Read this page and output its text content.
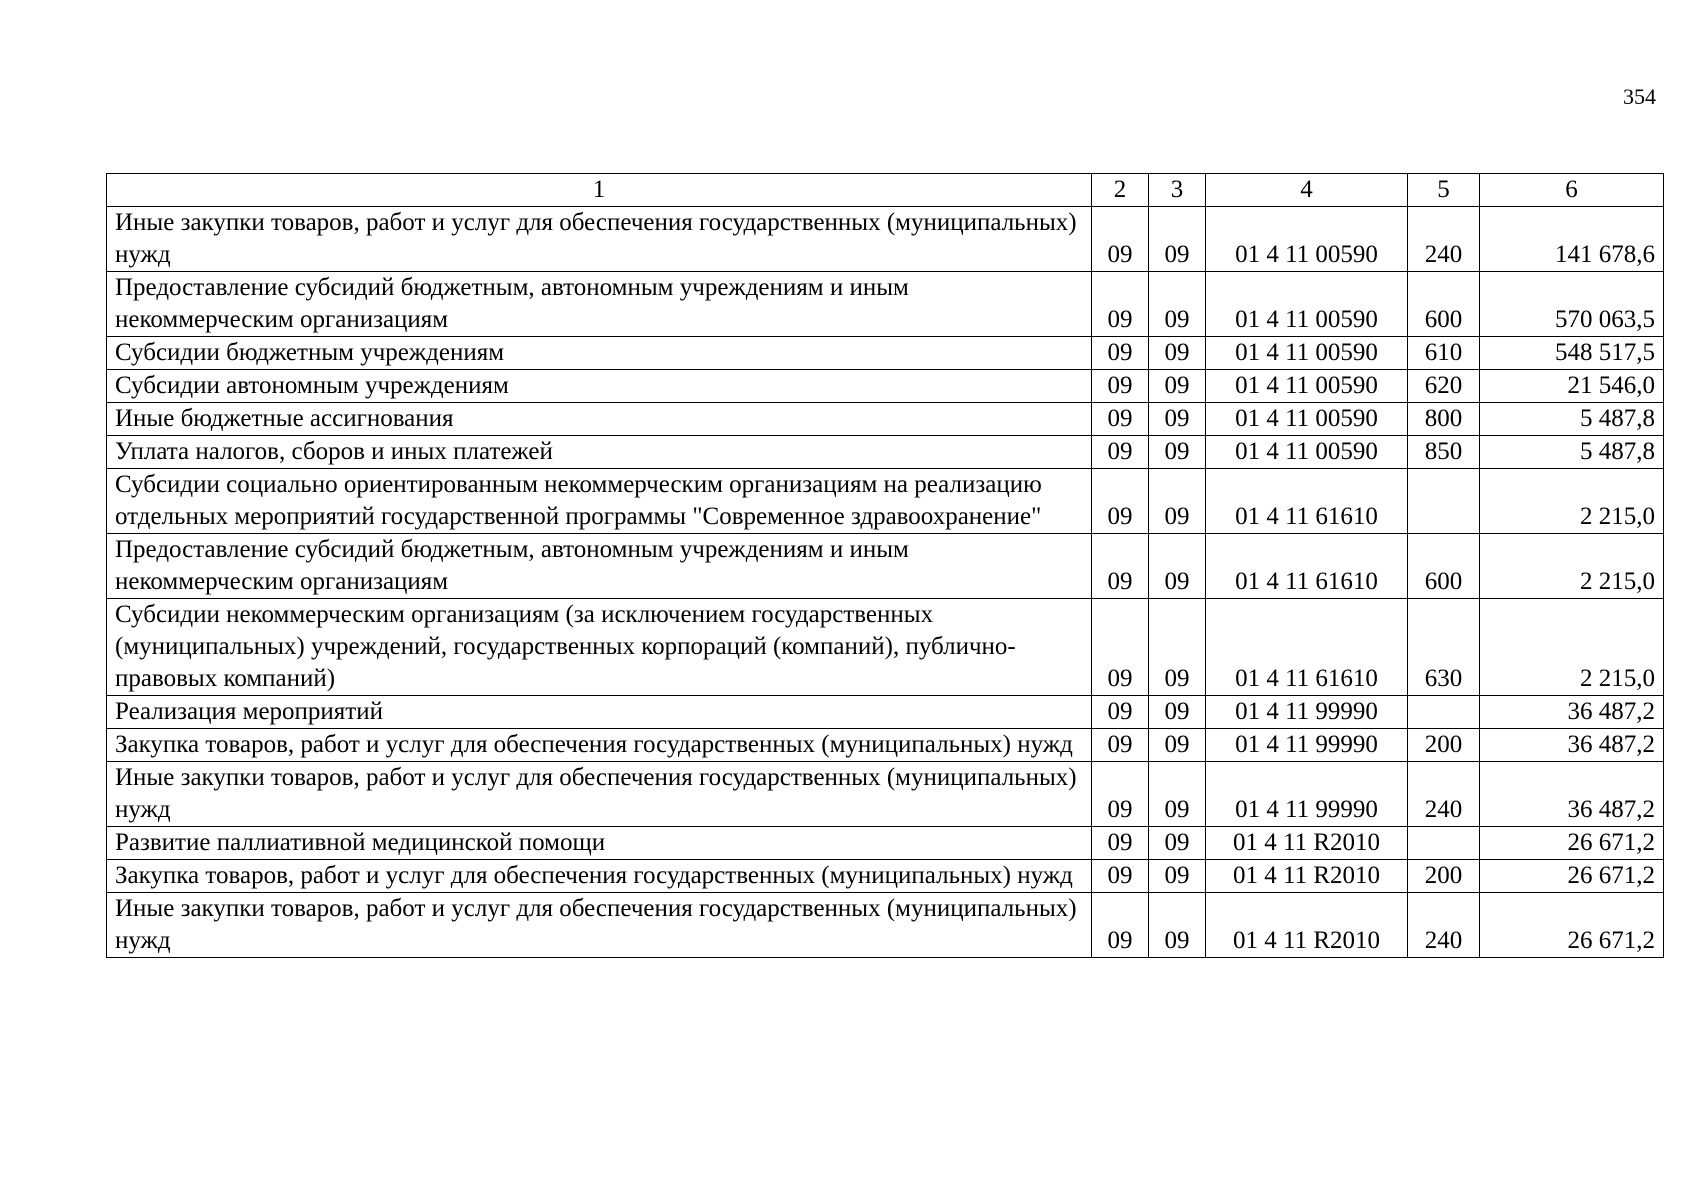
354
1	2	3	4	5	6
Иные закупки товаров, работ и услуг для обеспечения государственных (муниципальных) нужд	09	09	01 4 11 00590	240	141 678,6
Предоставление субсидий бюджетным, автономным учреждениям и иным некоммерческим организациям	09	09	01 4 11 00590	600	570 063,5
Субсидии бюджетным учреждениям	09	09	01 4 11 00590	610	548 517,5
Субсидии автономным учреждениям	09	09	01 4 11 00590	620	21 546,0
Иные бюджетные ассигнования	09	09	01 4 11 00590	800	5 487,8
Уплата налогов, сборов и иных платежей	09	09	01 4 11 00590	850	5 487,8
Субсидии социально ориентированным некоммерческим организациям на реализацию отдельных мероприятий государственной программы "Современное здравоохранение"	09	09	01 4 11 61610		2 215,0
Предоставление субсидий бюджетным, автономным учреждениям и иным некоммерческим организациям	09	09	01 4 11 61610	600	2 215,0
Субсидии некоммерческим организациям (за исключением государственных (муниципальных) учреждений, государственных корпораций (компаний), публично-правовых компаний)	09	09	01 4 11 61610	630	2 215,0
Реализация мероприятий	09	09	01 4 11 99990		36 487,2
Закупка товаров, работ и услуг для обеспечения государственных (муниципальных) нужд	09	09	01 4 11 99990	200	36 487,2
Иные закупки товаров, работ и услуг для обеспечения государственных (муниципальных) нужд	09	09	01 4 11 99990	240	36 487,2
Развитие паллиативной медицинской помощи	09	09	01 4 11 R2010		26 671,2
Закупка товаров, работ и услуг для обеспечения государственных (муниципальных) нужд	09	09	01 4 11 R2010	200	26 671,2
Иные закупки товаров, работ и услуг для обеспечения государственных (муниципальных) нужд	09	09	01 4 11 R2010	240	26 671,2
